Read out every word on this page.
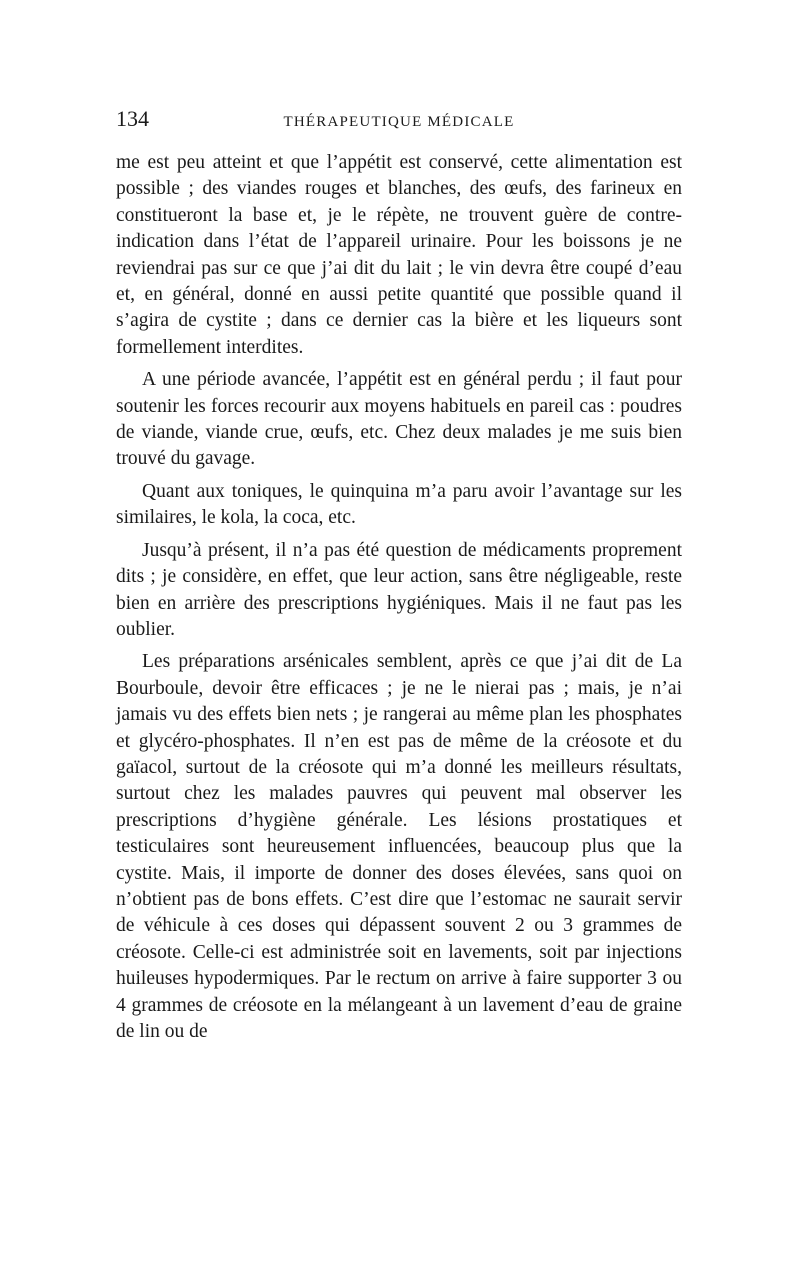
134	THÉRAPEUTIQUE MÉDICALE

me est peu atteint et que l’appétit est conservé, cette alimentation est possible ; des viandes rouges et blanches, des œufs, des farineux en constitueront la base et, je le répète, ne trouvent guère de contre-indication dans l’état de l’appareil urinaire. Pour les boissons je ne reviendrai pas sur ce que j’ai dit du lait ; le vin devra être coupé d’eau et, en général, donné en aussi petite quantité que possible quand il s’agira de cystite ; dans ce dernier cas la bière et les liqueurs sont formellement interdites.

A une période avancée, l’appétit est en général perdu ; il faut pour soutenir les forces recourir aux moyens habituels en pareil cas : poudres de viande, viande crue, œufs, etc. Chez deux malades je me suis bien trouvé du gavage.

Quant aux toniques, le quinquina m’a paru avoir l’avantage sur les similaires, le kola, la coca, etc.

Jusqu’à présent, il n’a pas été question de médicaments proprement dits ; je considère, en effet, que leur action, sans être négligeable, reste bien en arrière des prescriptions hygiéniques. Mais il ne faut pas les oublier.

Les préparations arsénicales semblent, après ce que j’ai dit de La Bourboule, devoir être efficaces ; je ne le nierai pas ; mais, je n’ai jamais vu des effets bien nets ; je rangerai au même plan les phosphates et glycéro-phosphates. Il n’en est pas de même de la créosote et du gaïacol, surtout de la créosote qui m’a donné les meilleurs résultats, surtout chez les malades pauvres qui peuvent mal observer les prescriptions d’hygiène générale. Les lésions prostatiques et testiculaires sont heureusement influencées, beaucoup plus que la cystite. Mais, il importe de donner des doses élevées, sans quoi on n’obtient pas de bons effets. C’est dire que l’estomac ne saurait servir de véhicule à ces doses qui dépassent souvent 2 ou 3 grammes de créosote. Celle-ci est administrée soit en lavements, soit par injections huileuses hypodermiques. Par le rectum on arrive à faire supporter 3 ou 4 grammes de créosote en la mélangeant à un lavement d’eau de graine de lin ou de
